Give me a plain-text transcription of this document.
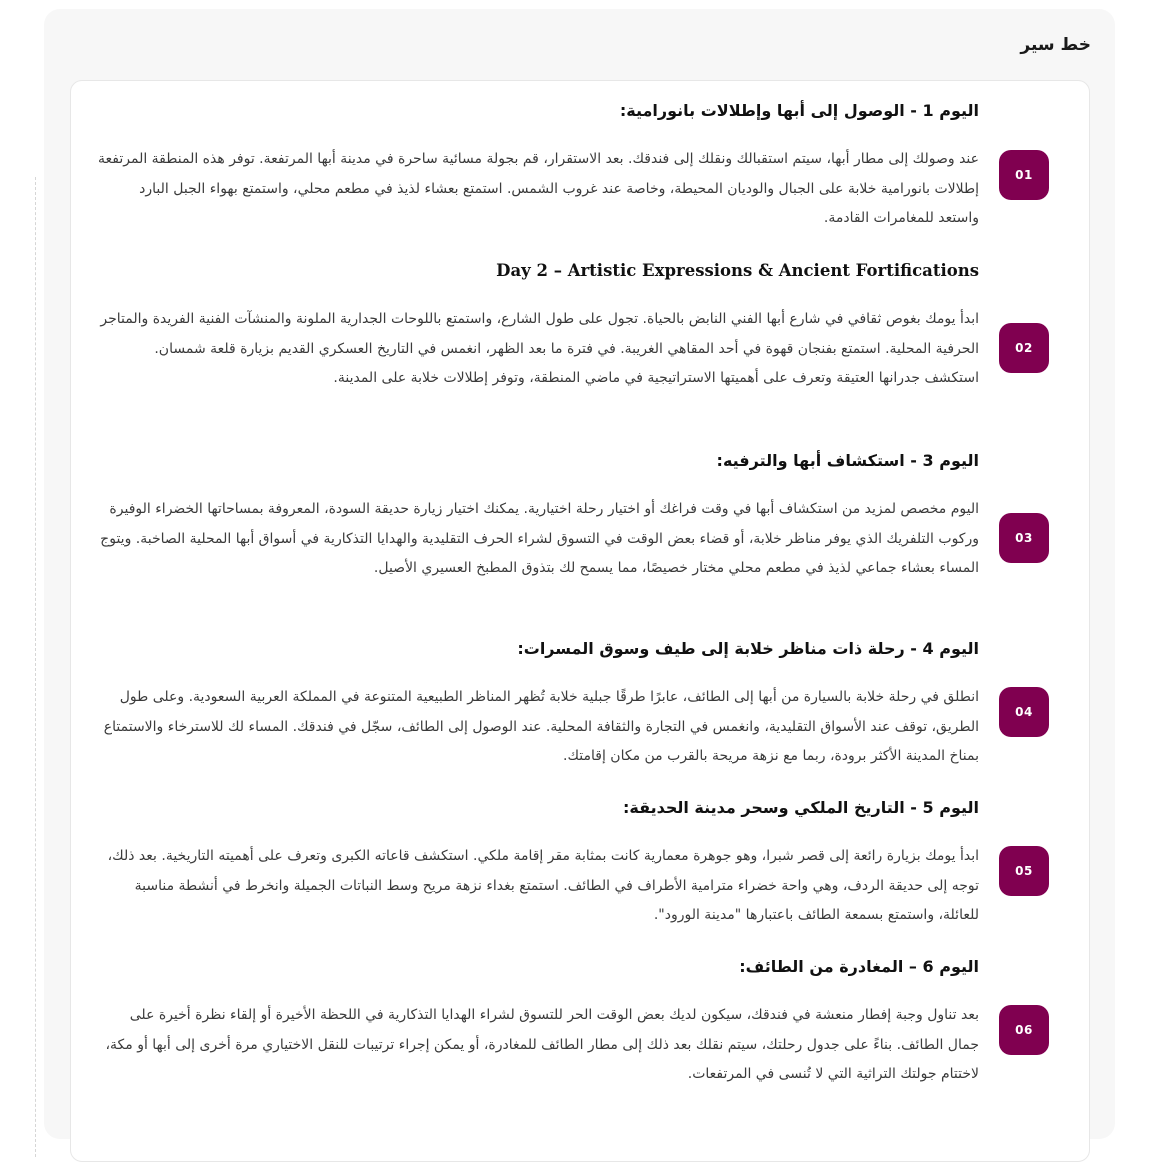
خط سير
اليوم 1 - الوصول إلى أبها وإطلالات بانورامية:
01

عند وصولك إلى مطار أبها، سيتم استقبالك ونقلك إلى فندقك. بعد الاستقرار، قم بجولة مسائية ساحرة في مدينة أبها المرتفعة. توفر هذه المنطقة المرتفعة إطلالات بانورامية خلابة على الجبال والوديان المحيطة، وخاصة عند غروب الشمس. استمتع بعشاء لذيذ في مطعم محلي، واستمتع بهواء الجبل البارد واستعد للمغامرات القادمة.

Day 2 – Artistic Expressions & Ancient Fortifications
02

ابدأ يومك بغوص ثقافي في شارع أبها الفني النابض بالحياة. تجول على طول الشارع، واستمتع باللوحات الجدارية الملونة والمنشآت الفنية الفريدة والمتاجر الحرفية المحلية. استمتع بفنجان قهوة في أحد المقاهي الغريبة. في فترة ما بعد الظهر، انغمس في التاريخ العسكري القديم بزيارة قلعة شمسان. استكشف جدرانها العتيقة وتعرف على أهميتها الاستراتيجية في ماضي المنطقة، وتوفر إطلالات خلابة على المدينة.

اليوم 3 - استكشاف أبها والترفيه:
03

اليوم مخصص لمزيد من استكشاف أبها في وقت فراغك أو اختيار رحلة اختيارية. يمكنك اختيار زيارة حديقة السودة، المعروفة بمساحاتها الخضراء الوفيرة وركوب التلفريك الذي يوفر مناظر خلابة، أو قضاء بعض الوقت في التسوق لشراء الحرف التقليدية والهدايا التذكارية في أسواق أبها المحلية الصاخبة. ويتوج المساء بعشاء جماعي لذيذ في مطعم محلي مختار خصيصًا، مما يسمح لك بتذوق المطبخ العسيري الأصيل.

اليوم 4 - رحلة ذات مناظر خلابة إلى طيف وسوق المسرات:
04

انطلق في رحلة خلابة بالسيارة من أبها إلى الطائف، عابرًا طرقًا جبلية خلابة تُظهر المناظر الطبيعية المتنوعة في المملكة العربية السعودية. وعلى طول الطريق، توقف عند الأسواق التقليدية، وانغمس في التجارة والثقافة المحلية. عند الوصول إلى الطائف، سجّل في فندقك. المساء لك للاسترخاء والاستمتاع بمناخ المدينة الأكثر برودة، ربما مع نزهة مريحة بالقرب من مكان إقامتك.

اليوم 5 - التاريخ الملكي وسحر مدينة الحديقة:
05

ابدأ يومك بزيارة رائعة إلى قصر شبرا، وهو جوهرة معمارية كانت بمثابة مقر إقامة ملكي. استكشف قاعاته الكبرى وتعرف على أهميته التاريخية. بعد ذلك، توجه إلى حديقة الردف، وهي واحة خضراء مترامية الأطراف في الطائف. استمتع بغداء نزهة مريح وسط النباتات الجميلة وانخرط في أنشطة مناسبة للعائلة، واستمتع بسمعة الطائف باعتبارها "مدينة الورود".

اليوم 6 – المغادرة من الطائف:
06

بعد تناول وجبة إفطار منعشة في فندقك، سيكون لديك بعض الوقت الحر للتسوق لشراء الهدايا التذكارية في اللحظة الأخيرة أو إلقاء نظرة أخيرة على جمال الطائف. بناءً على جدول رحلتك، سيتم نقلك بعد ذلك إلى مطار الطائف للمغادرة، أو يمكن إجراء ترتيبات للنقل الاختياري مرة أخرى إلى أبها أو مكة، لاختتام جولتك التراثية التي لا تُنسى في المرتفعات.
